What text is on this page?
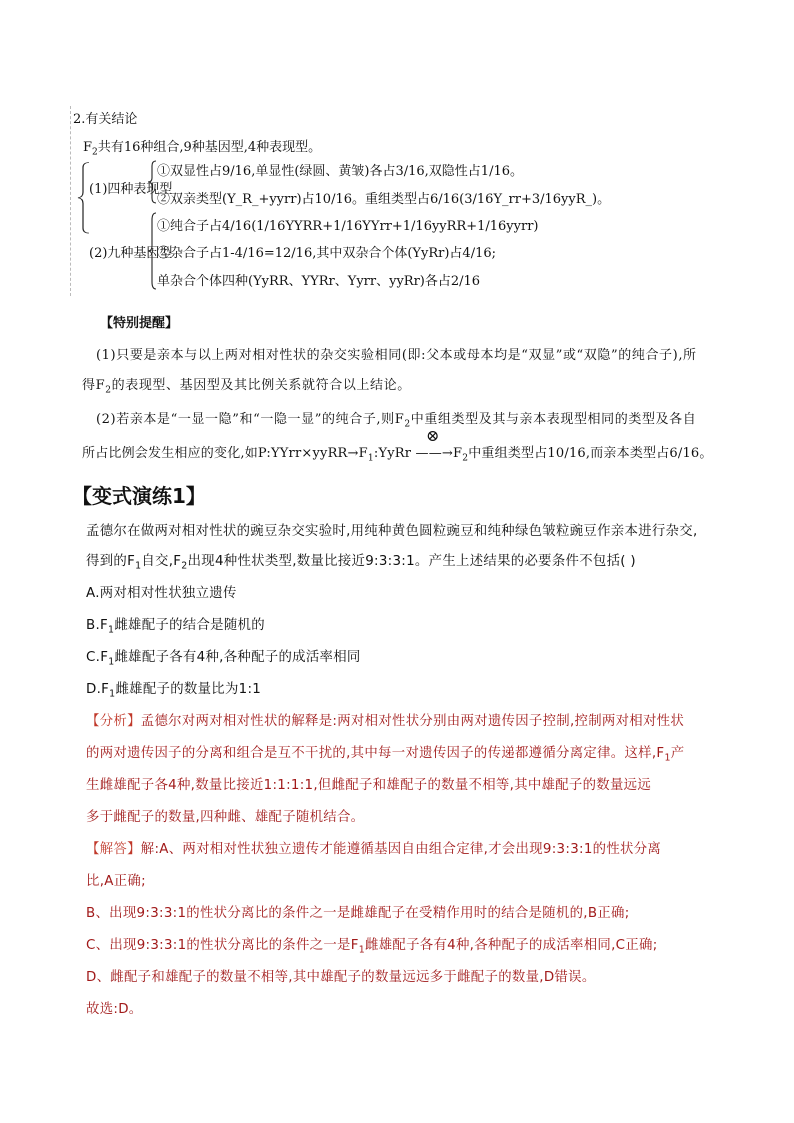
2.有关结论
$F_2$共有16种组合,9种基因型,4种表现型。
(1)四种表现型
①双显性占9/16,单显性(绿圆、黄皱)各占3/16,双隐性占1/16。
②双亲类型(Y_R_+yyrr)占10/16。重组类型占6/16(3/16Y_rr+3/16yyR_)。
(2)九种基因型
①纯合子占4/16(1/16YYRR+1/16YYrr+1/16yyRR+1/16yyrr)
②杂合子占1-4/16=12/16,其中双杂合个体(YyRr)占4/16;
单杂合个体四种(YyRR、YYRr、Yyrr、yyRr)各占2/16
【特别提醒】
(1)只要是亲本与以上两对相对性状的杂交实验相同(即:父本或母本均是“双显”或“双隐”的纯合子),所
得$F_2$的表现型、基因型及其比例关系就符合以上结论。
(2)若亲本是“一显一隐”和“一隐一显”的纯合子,则$F_2$中重组类型及其与亲本表现型相同的类型及各自
⊗
所占比例会发生相应的变化,如$P:YYrr\times yyRR\to F_1:YyRr$ $——\to F_2$中重组类型占10/16,而亲本类型占6/16。
【变式演练1】
孟德尔在做两对相对性状的豌豆杂交实验时,用纯种黄色圆粒豌豆和纯种绿色皱粒豌豆作亲本进行杂交,
得到的$F_1$自交$,F_2$出现4种性状类型,数量比接近9:3:3:1。产生上述结果的必要条件不包括( )
A.两对相对性状独立遗传
$B.F_1$雌雄配子的结合是随机的
$C.F_1$雌雄配子各有4种,各种配子的成活率相同
$D.F_1$雌雄配子的数量比为1:1
【分析】孟德尔对两对相对性状的解释是:两对相对性状分别由两对遗传因子控制,控制两对相对性状
的两对遗传因子的分离和组合是互不干扰的,其中每一对遗传因子的传递都遵循分离定律。这样$,F_1$产
生雌雄配子各4种,数量比接近1:1:1:1,但雌配子和雄配子的数量不相等,其中雄配子的数量远远
多于雌配子的数量,四种雌、雄配子随机结合。
【解答】解:A、两对相对性状独立遗传才能遵循基因自由组合定律,才会出现9:3:3:1的性状分离
比,A正确;
B、出现9:3:3:1的性状分离比的条件之一是雌雄配子在受精作用时的结合是随机的,B正确;
C、出现9:3:3:1的性状分离比的条件之一是$F_1$雌雄配子各有4种,各种配子的成活率相同,C正确;
D、雌配子和雄配子的数量不相等,其中雄配子的数量远远多于雌配子的数量,D错误。
故选:D。
